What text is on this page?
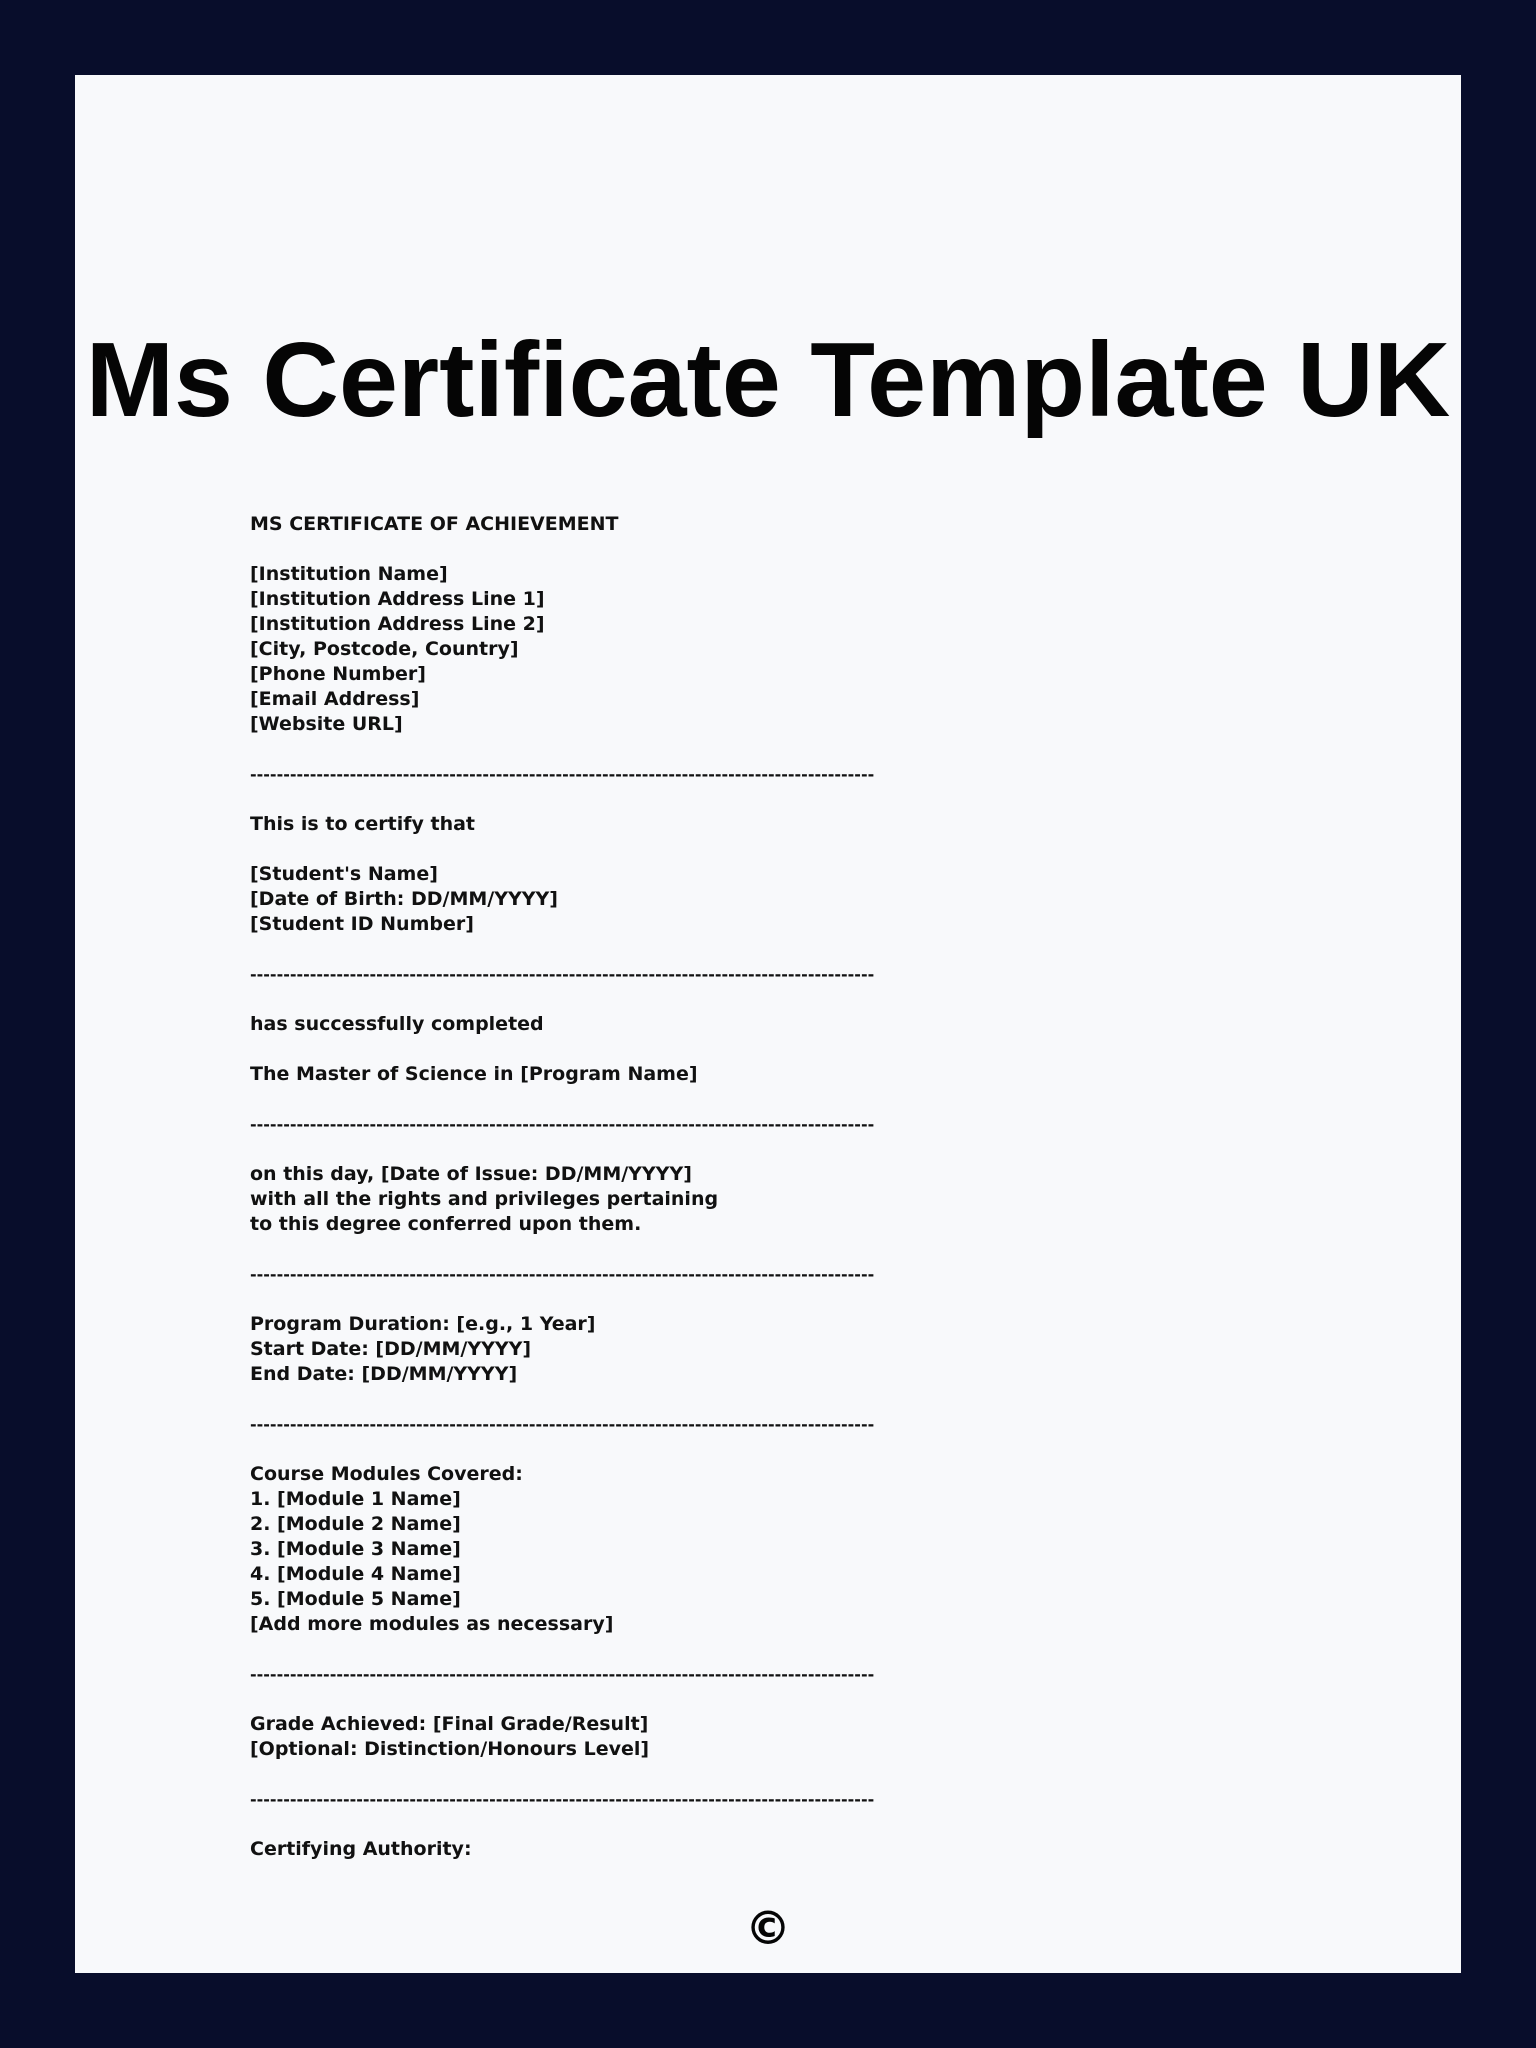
Ms Certificate Template UK
MS CERTIFICATE OF ACHIEVEMENT
[Institution Name]
[Institution Address Line 1]
[Institution Address Line 2]
[City, Postcode, Country]
[Phone Number]
[Email Address]
[Website URL]
----------------------------------------------------------------------------------------------
This is to certify that
[Student's Name]
[Date of Birth: DD/MM/YYYY]
[Student ID Number]
----------------------------------------------------------------------------------------------
has successfully completed
The Master of Science in [Program Name]
----------------------------------------------------------------------------------------------
on this day, [Date of Issue: DD/MM/YYYY]
with all the rights and privileges pertaining
to this degree conferred upon them.
----------------------------------------------------------------------------------------------
Program Duration: [e.g., 1 Year]
Start Date: [DD/MM/YYYY]
End Date: [DD/MM/YYYY]
----------------------------------------------------------------------------------------------
Course Modules Covered:
1. [Module 1 Name]
2. [Module 2 Name]
3. [Module 3 Name]
4. [Module 4 Name]
5. [Module 5 Name]
[Add more modules as necessary]
----------------------------------------------------------------------------------------------
Grade Achieved: [Final Grade/Result]
[Optional: Distinction/Honours Level]
----------------------------------------------------------------------------------------------
Certifying Authority:
©
